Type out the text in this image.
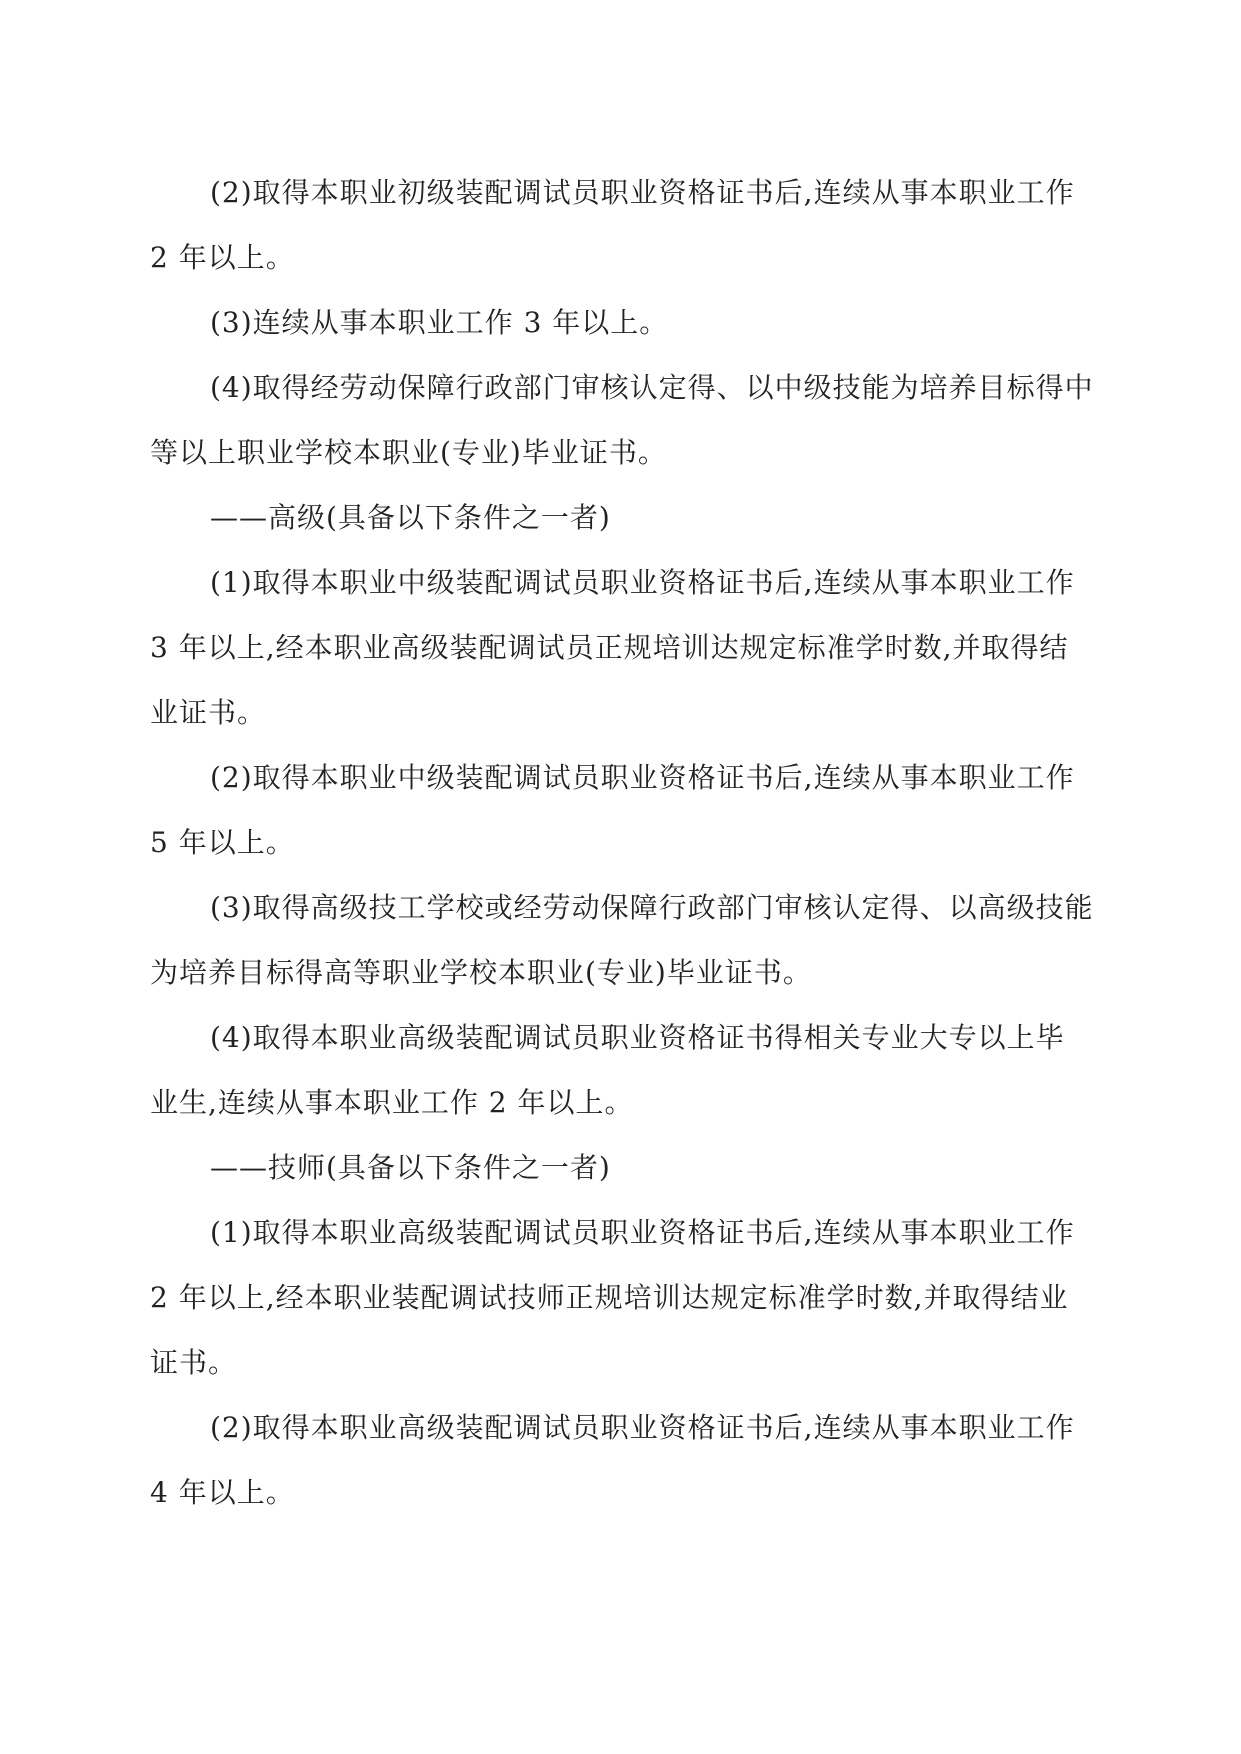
(2)取得本职业初级装配调试员职业资格证书后,连续从事本职业工作
2 年以上。

(3)连续从事本职业工作 3 年以上。

(4)取得经劳动保障行政部门审核认定得、以中级技能为培养目标得中
等以上职业学校本职业(专业)毕业证书。

——高级(具备以下条件之一者)

(1)取得本职业中级装配调试员职业资格证书后,连续从事本职业工作
3 年以上,经本职业高级装配调试员正规培训达规定标准学时数,并取得结
业证书。

(2)取得本职业中级装配调试员职业资格证书后,连续从事本职业工作
5 年以上。

(3)取得高级技工学校或经劳动保障行政部门审核认定得、以高级技能
为培养目标得高等职业学校本职业(专业)毕业证书。

(4)取得本职业高级装配调试员职业资格证书得相关专业大专以上毕
业生,连续从事本职业工作 2 年以上。

——技师(具备以下条件之一者)

(1)取得本职业高级装配调试员职业资格证书后,连续从事本职业工作
2 年以上,经本职业装配调试技师正规培训达规定标准学时数,并取得结业
证书。

(2)取得本职业高级装配调试员职业资格证书后,连续从事本职业工作
4 年以上。
